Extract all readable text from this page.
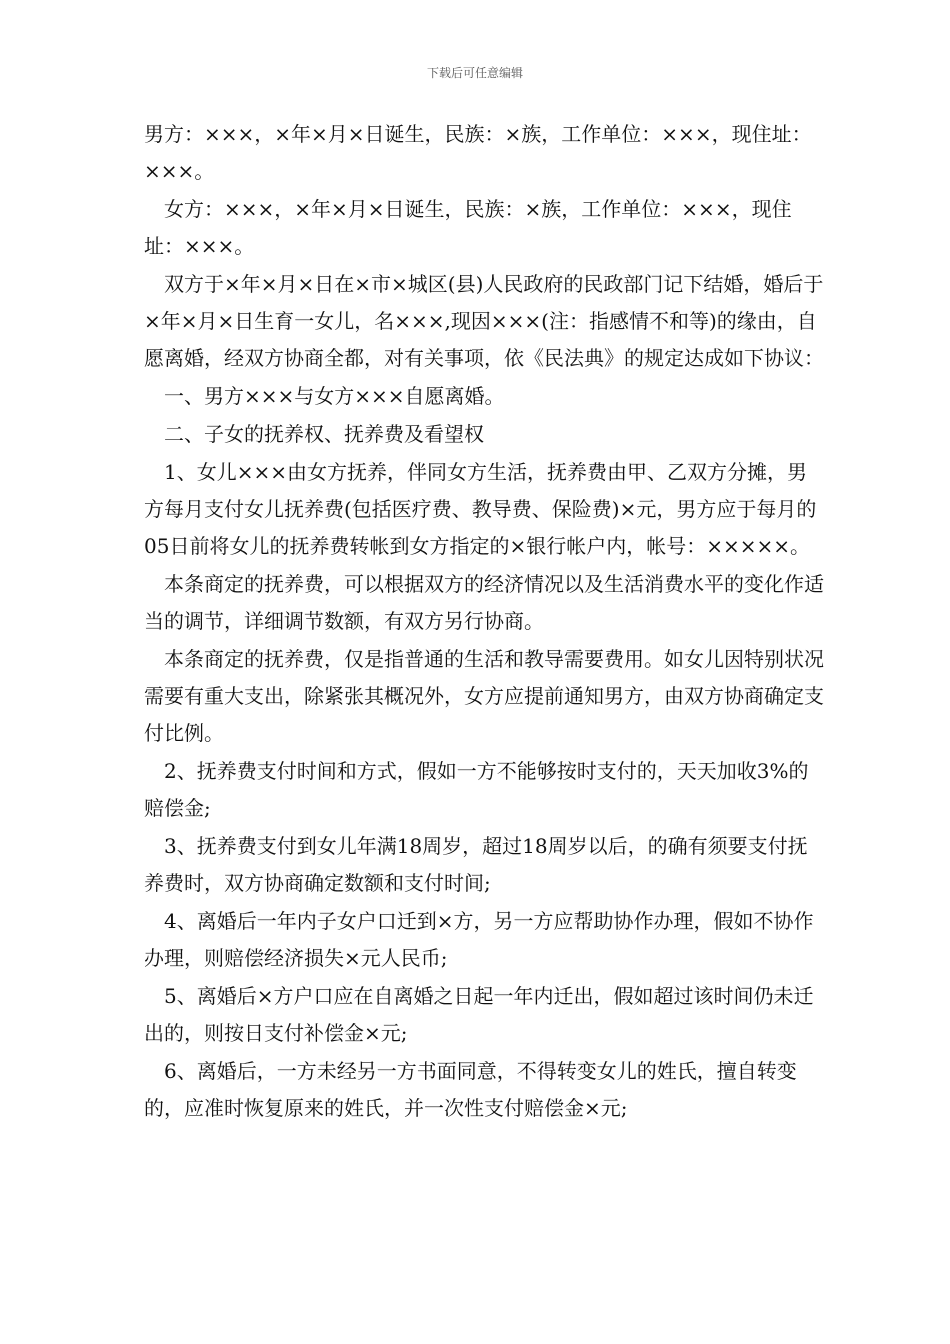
下载后可任意编辑

男方：×××，×年×月×日诞生，民族：×族，工作单位：×××，现住址：×××。

　女方：×××，×年×月×日诞生，民族：×族，工作单位：×××，现住址：×××。

　双方于×年×月×日在×市×城区(县)人民政府的民政部门记下结婚，婚后于×年×月×日生育一女儿，名×××,现因×××(注：指感情不和等)的缘由，自愿离婚，经双方协商全都，对有关事项，依《民法典》的规定达成如下协议：

　一、男方×××与女方×××自愿离婚。

　二、子女的抚养权、抚养费及看望权

　1、女儿×××由女方抚养，伴同女方生活，抚养费由甲、乙双方分摊，男方每月支付女儿抚养费(包括医疗费、教导费、保险费)×元，男方应于每月的05日前将女儿的抚养费转帐到女方指定的×银行帐户内，帐号：×××××。

　本条商定的抚养费，可以根据双方的经济情况以及生活消费水平的变化作适当的调节，详细调节数额，有双方另行协商。

　本条商定的抚养费，仅是指普通的生活和教导需要费用。如女儿因特别状况需要有重大支出，除紧张其概况外，女方应提前通知男方，由双方协商确定支付比例。

　2、抚养费支付时间和方式，假如一方不能够按时支付的，天天加收3%的赔偿金;

　3、抚养费支付到女儿年满18周岁，超过18周岁以后，的确有须要支付抚养费时，双方协商确定数额和支付时间;

　4、离婚后一年内子女户口迁到×方，另一方应帮助协作办理，假如不协作办理，则赔偿经济损失×元人民币;

　5、离婚后×方户口应在自离婚之日起一年内迁出，假如超过该时间仍未迁出的，则按日支付补偿金×元;

　6、离婚后，一方未经另一方书面同意，不得转变女儿的姓氏，擅自转变的，应准时恢复原来的姓氏，并一次性支付赔偿金×元;
